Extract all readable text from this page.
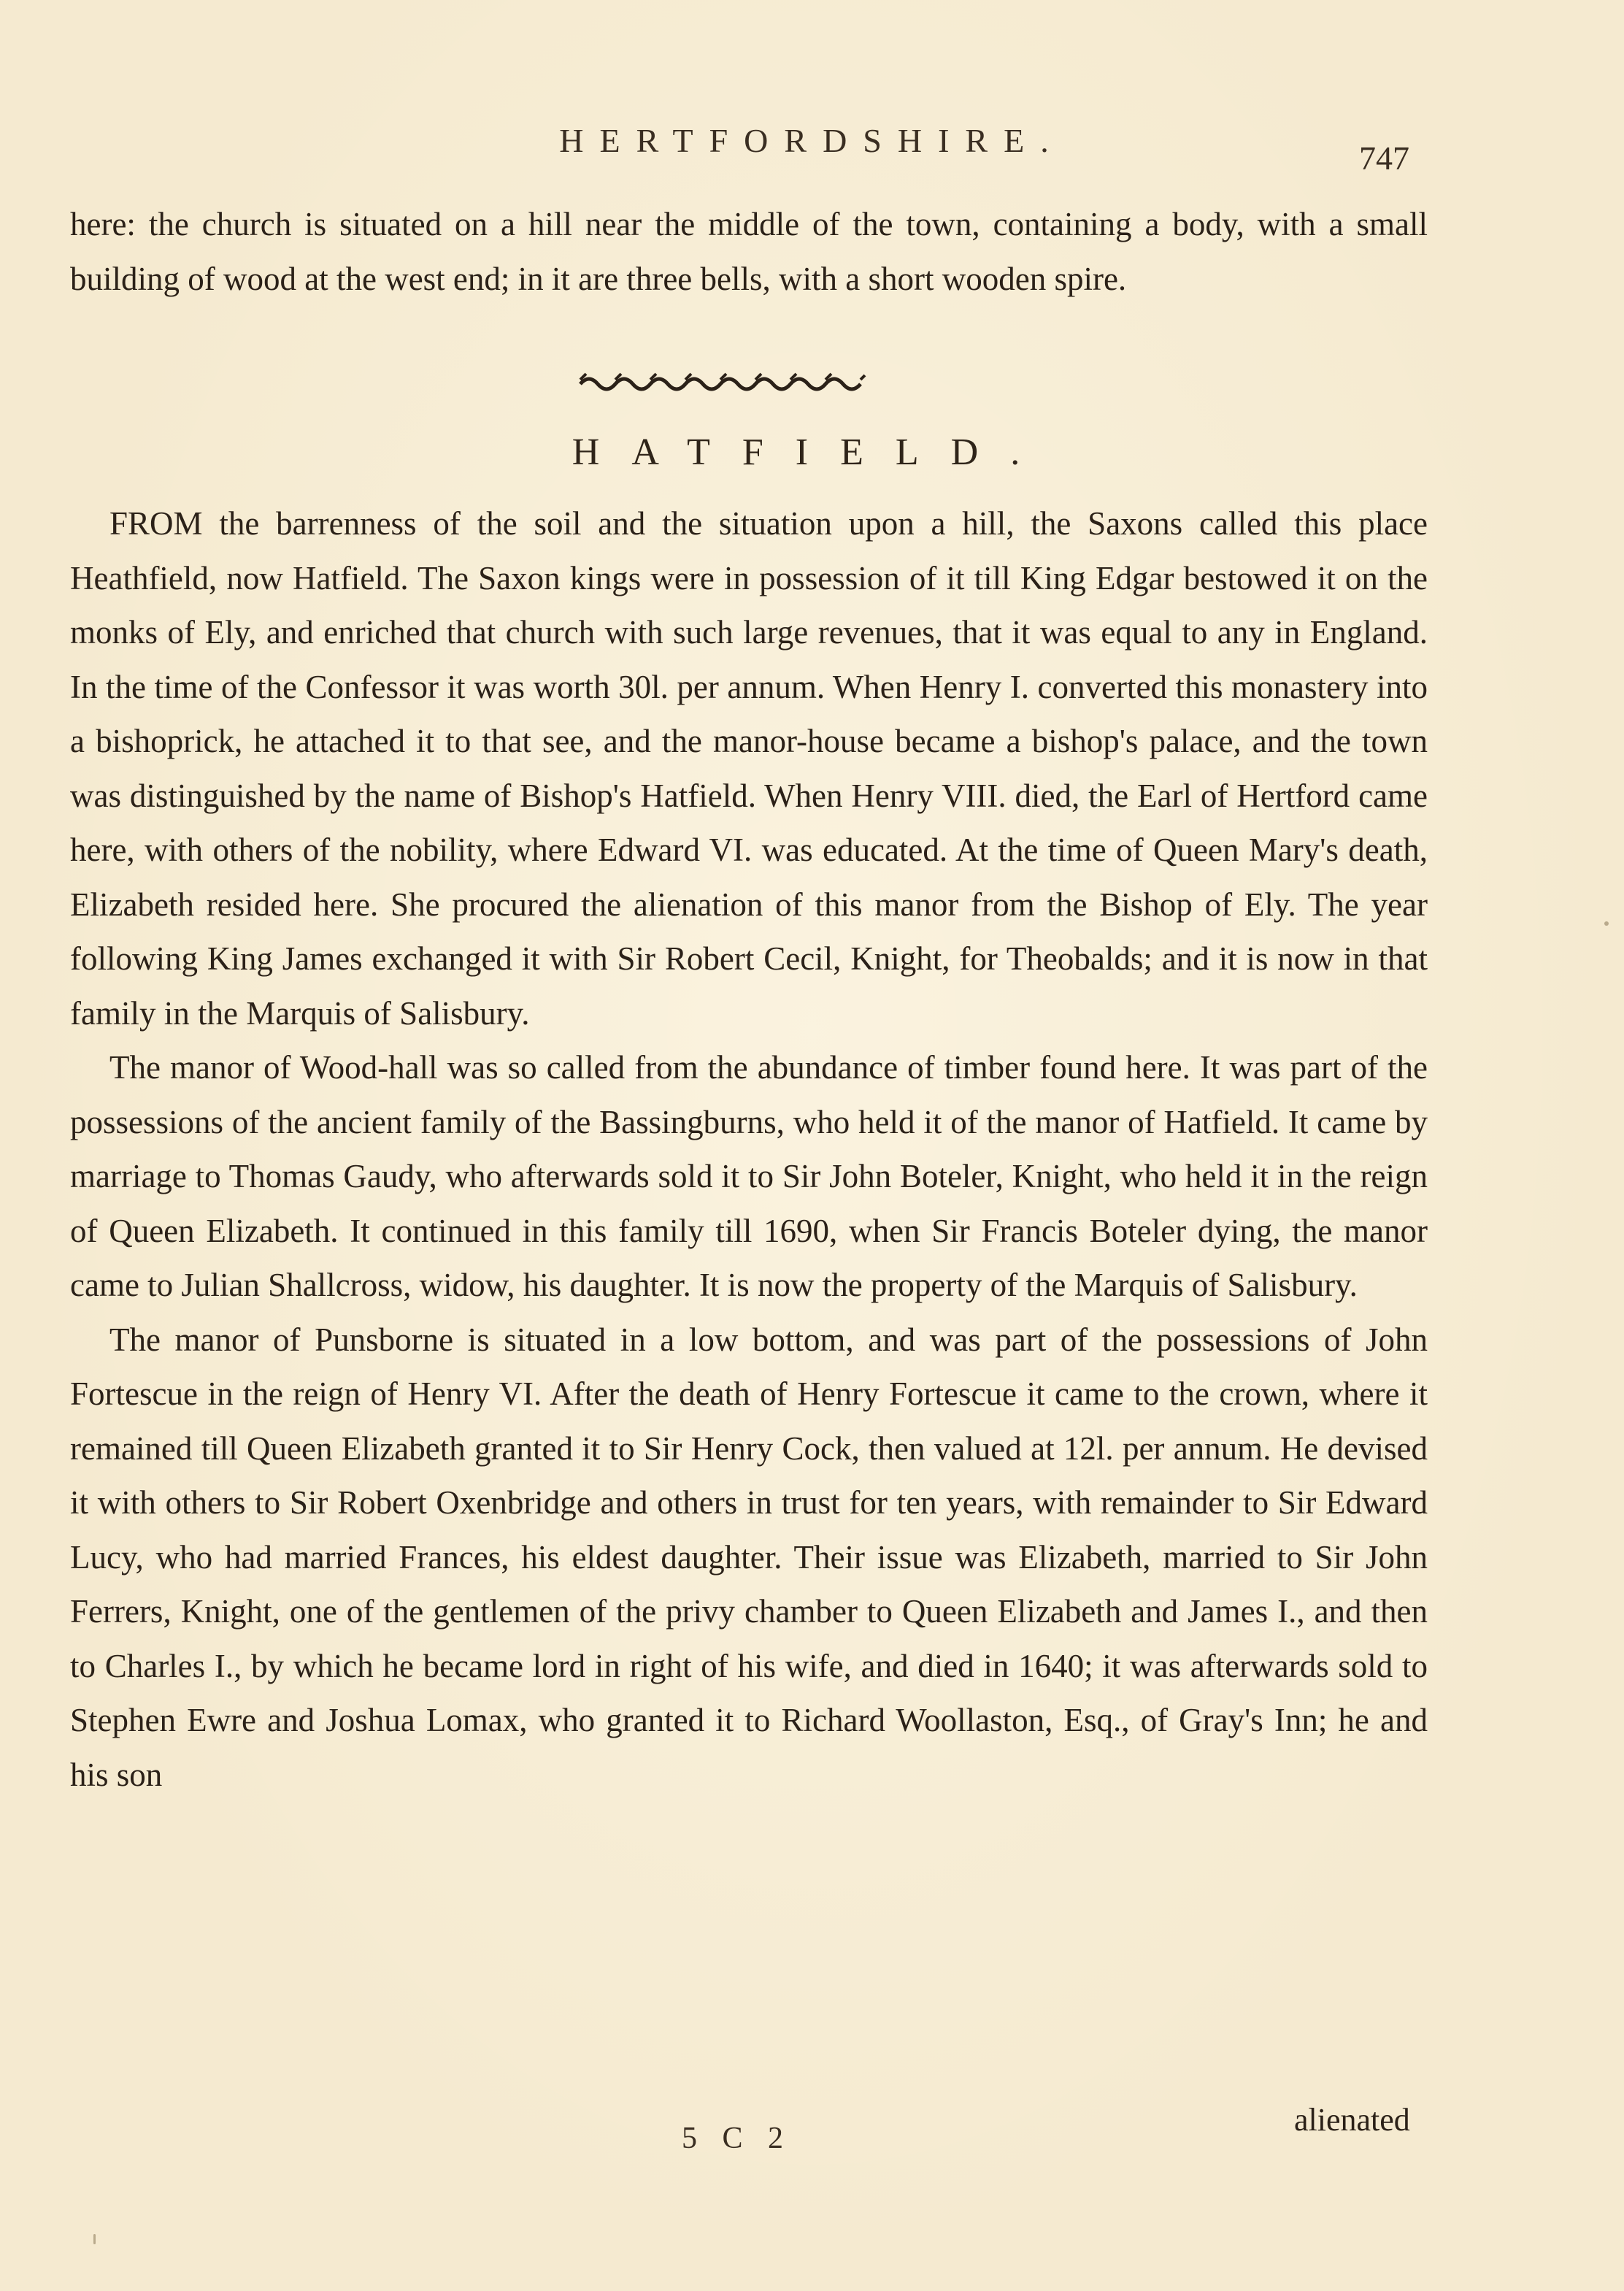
HERTFORDSHIRE.	747

here: the church is situated on a hill near the middle of the town, containing a body, with a small building of wood at the west end; in it are three bells, with a short wooden spire.

HATFIELD.

FROM the barrenness of the soil and the situation upon a hill, the Saxons called this place Heathfield, now Hatfield. The Saxon kings were in possession of it till King Edgar bestowed it on the monks of Ely, and enriched that church with such large revenues, that it was equal to any in England. In the time of the Confessor it was worth 30l. per annum. When Henry I. converted this monastery into a bishoprick, he attached it to that see, and the manor-house became a bishop's palace, and the town was distinguished by the name of Bishop's Hatfield. When Henry VIII. died, the Earl of Hertford came here, with others of the nobility, where Edward VI. was educated. At the time of Queen Mary's death, Elizabeth resided here. She procured the alienation of this manor from the Bishop of Ely. The year following King James exchanged it with Sir Robert Cecil, Knight, for Theobalds; and it is now in that family in the Marquis of Salisbury.

The manor of Wood-hall was so called from the abundance of timber found here. It was part of the possessions of the ancient family of the Bassingburns, who held it of the manor of Hatfield. It came by marriage to Thomas Gaudy, who afterwards sold it to Sir John Boteler, Knight, who held it in the reign of Queen Elizabeth. It continued in this family till 1690, when Sir Francis Boteler dying, the manor came to Julian Shallcross, widow, his daughter. It is now the property of the Marquis of Salisbury.

The manor of Punsborne is situated in a low bottom, and was part of the possessions of John Fortescue in the reign of Henry VI. After the death of Henry Fortescue it came to the crown, where it remained till Queen Elizabeth granted it to Sir Henry Cock, then valued at 12l. per annum. He devised it with others to Sir Robert Oxenbridge and others in trust for ten years, with remainder to Sir Edward Lucy, who had married Frances, his eldest daughter. Their issue was Elizabeth, married to Sir John Ferrers, Knight, one of the gentlemen of the privy chamber to Queen Elizabeth and James I., and then to Charles I., by which he became lord in right of his wife, and died in 1640; it was afterwards sold to Stephen Ewre and Joshua Lomax, who granted it to Richard Woollaston, Esq., of Gray's Inn; he and his son

5 C 2
alienated
